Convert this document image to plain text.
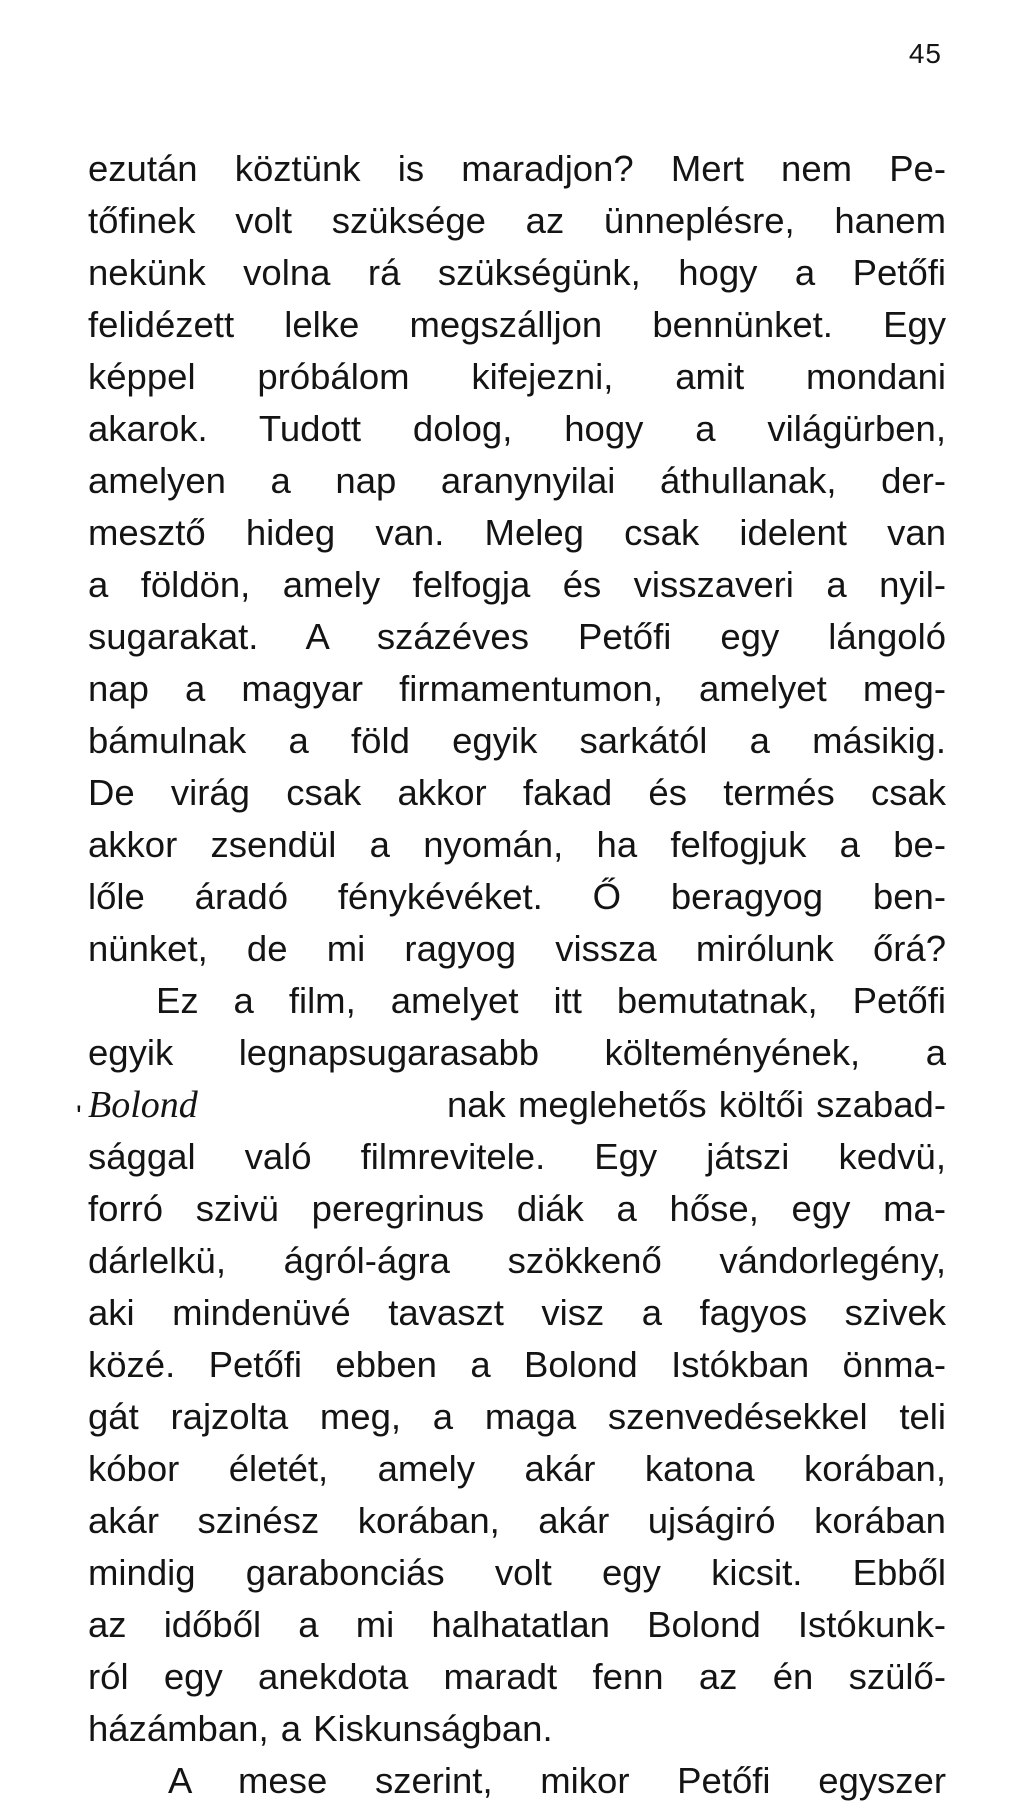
45
'
ezután köztünk is maradjon? Mert nem Pe-
tőfinek volt szüksége az ünneplésre, hanem
nekünk volna rá szükségünk, hogy a Petőfi
felidézett lelke megszálljon bennünket. Egy
képpel próbálom kifejezni, amit mondani
akarok. Tudott dolog, hogy a világürben,
amelyen a nap aranynyilai áthullanak, der-
mesztő hideg van. Meleg csak idelent van
a földön, amely felfogja és visszaveri a nyil-
sugarakat. A százéves Petőfi egy lángoló
nap a magyar firmamentumon, amelyet meg-
bámulnak a föld egyik sarkától a másikig.
De virág csak akkor fakad és termés csak
akkor zsendül a nyomán, ha felfogjuk a be-
lőle áradó fénykévéket. Ő beragyog ben-
nünket, de mi ragyog vissza mirólunk őrá?
Ez a film, amelyet itt bemutatnak, Petőfi
egyik legnapsugarasabb költeményének, a
Bolond	nak meglehetős költői szabad-
sággal való filmrevitele. Egy játszi kedvü,
forró szivü peregrinus diák a hőse, egy ma-
dárlelkü, ágról-ágra szökkenő vándorlegény,
aki mindenüvé tavaszt visz a fagyos szivek
közé. Petőfi ebben a Bolond Istókban önma-
gát rajzolta meg, a maga szenvedésekkel teli
kóbor életét, amely akár katona korában,
akár szinész korában, akár ujságiró korában
mindig garabonciás volt egy kicsit. Ebből
az időből a mi halhatatlan Bolond Istókunk-
ról egy anekdota maradt fenn az én szülő-
házámban, a Kiskunságban.
A mese szerint, mikor Petőfi egyszer
